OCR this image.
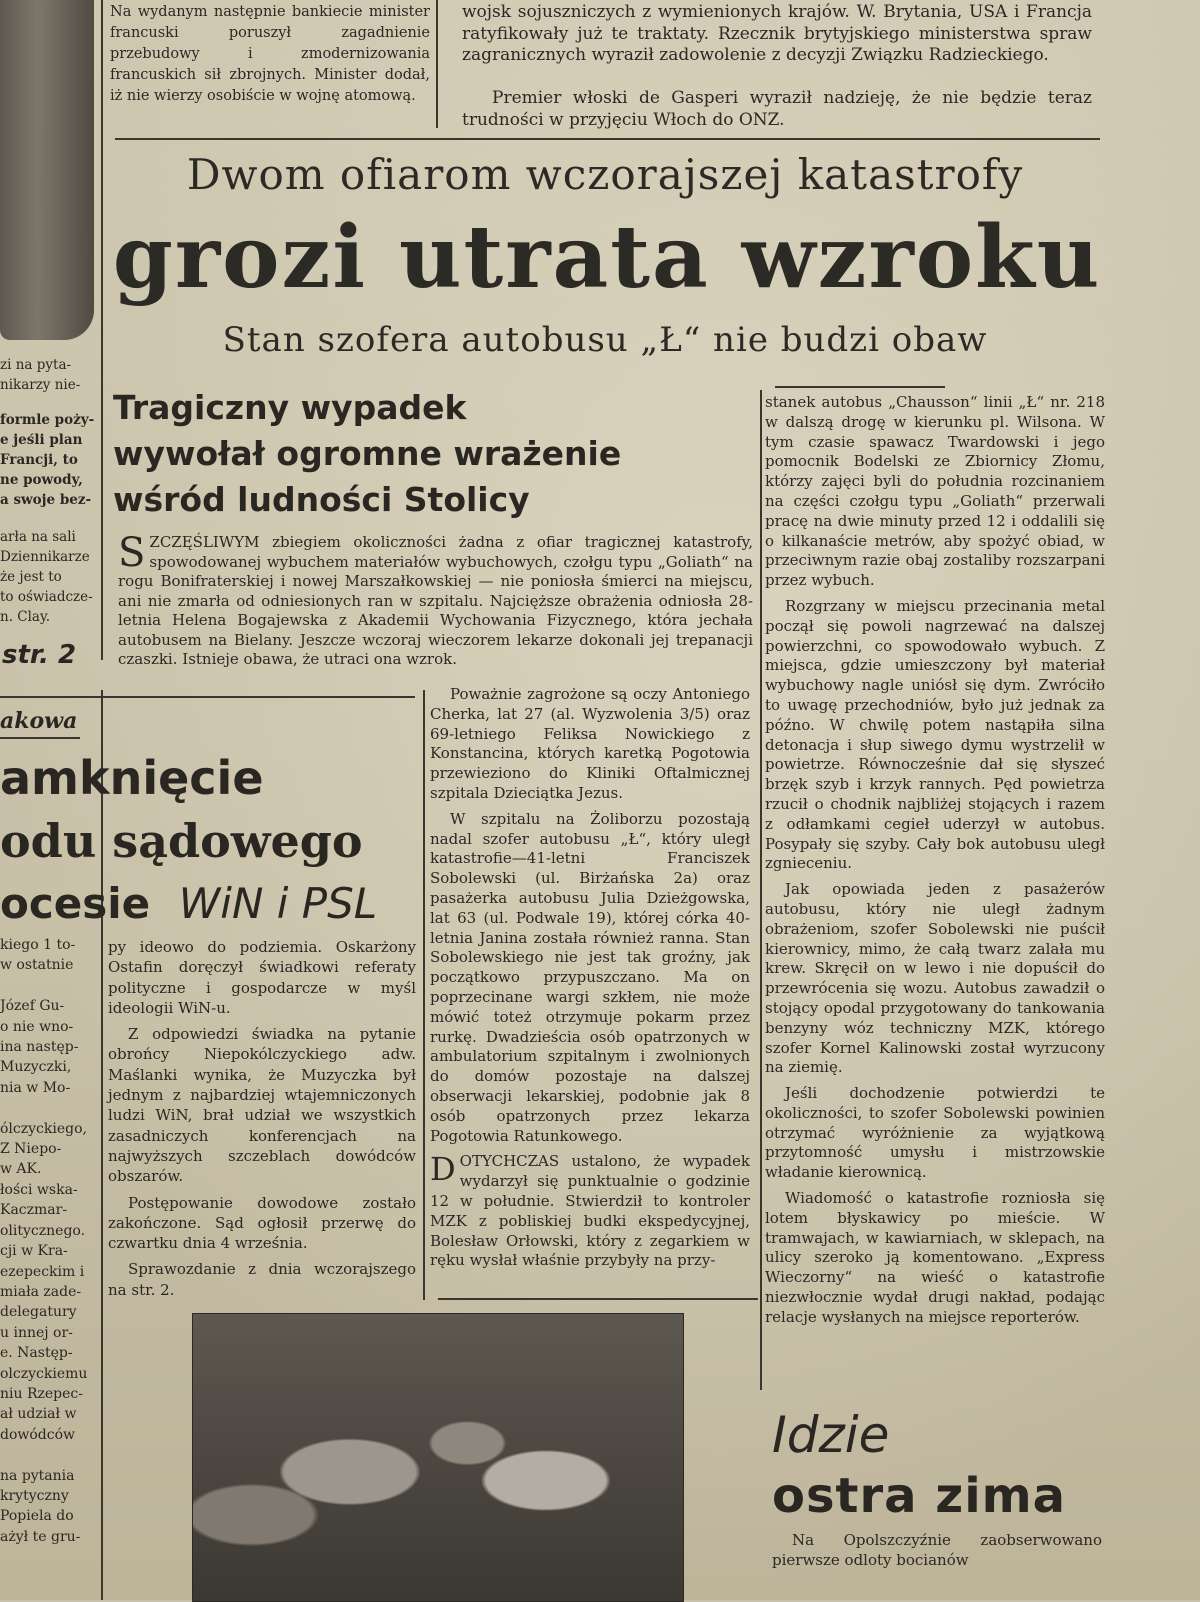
Na wydanym następnie bankiecie minister francuski poruszył zagadnienie przebudowy i zmodernizowania francuskich sił zbrojnych. Minister dodał, iż nie wierzy osobiście w wojnę atomową.
wojsk sojuszniczych z wymienionych krajów. W. Brytania, USA i Francja ratyfikowały już te traktaty. Rzecznik brytyjskiego ministerstwa spraw zagranicznych wyraził zadowolenie z decyzji Związku Radzieckiego.
Premier włoski de Gasperi wyraził nadzieję, że nie będzie teraz trudności w przyjęciu Włoch do ONZ.
Dwom ofiarom wczorajszej katastrofy
grozi utrata wzroku
Stan szofera autobusu „Ł“ nie budzi obaw
Tragiczny wypadek
wywołał ogromne wrażenie
wśród ludności Stolicy
SZCZĘŚLIWYM zbiegiem okoliczności żadna z ofiar tragicznej katastrofy, spowodowanej wybuchem materiałów wybuchowych, czołgu typu „Goliath“ na rogu Bonifraterskiej i nowej Marszałkowskiej — nie poniosła śmierci na miejscu, ani nie zmarła od odniesionych ran w szpitalu. Najcięższe obrażenia odniosła 28-letnia Helena Bogajewska z Akademii Wychowania Fizycznego, która jechała autobusem na Bielany. Jeszcze wczoraj wieczorem lekarze dokonali jej trepanacji czaszki. Istnieje obawa, że utraci ona wzrok.

Poważnie zagrożone są oczy Antoniego Cherka, lat 27 (al. Wyzwolenia 3/5) oraz 69-letniego Feliksa Nowickiego z Konstancina, których karetką Pogotowia przewieziono do Kliniki Oftalmicznej szpitala Dzieciątka Jezus.

W szpitalu na Żoliborzu pozostają nadal szofer autobusu „Ł“, który uległ katastrofie—41-letni Franciszek Sobolewski (ul. Birżańska 2a) oraz pasażerka autobusu Julia Dzieżgowska, lat 63 (ul. Podwale 19), której córka 40-letnia Janina została również ranna. Stan Sobolewskiego nie jest tak groźny, jak początkowo przypuszczano. Ma on poprzecinane wargi szkłem, nie może mówić toteż otrzymuje pokarm przez rurkę. Dwadzieścia osób opatrzonych w ambulatorium szpitalnym i zwolnionych do domów pozostaje na dalszej obserwacji lekarskiej, podobnie jak 8 osób opatrzonych przez lekarza Pogotowia Ratunkowego.

DOTYCHCZAS ustalono, że wypadek wydarzył się punktualnie o godzinie 12 w południe. Stwierdził to kontroler MZK z pobliskiej budki ekspedycyjnej, Bolesław Orłowski, który z zegarkiem w ręku wysłał właśnie przybyły na przy-

stanek autobus „Chausson“ linii „Ł“ nr. 218 w dalszą drogę w kierunku pl. Wilsona. W tym czasie spawacz Twardowski i jego pomocnik Bodelski ze Zbiornicy Złomu, którzy zajęci byli do południa rozcinaniem na części czołgu typu „Goliath“ przerwali pracę na dwie minuty przed 12 i oddalili się o kilkanaście metrów, aby spożyć obiad, w przeciwnym razie obaj zostaliby rozszarpani przez wybuch.

Rozgrzany w miejscu przecinania metal począł się powoli nagrzewać na dalszej powierzchni, co spowodowało wybuch. Z miejsca, gdzie umieszczony był materiał wybuchowy nagle uniósł się dym. Zwróciło to uwagę przechodniów, było już jednak za późno. W chwilę potem nastąpiła silna detonacja i słup siwego dymu wystrzelił w powietrze. Równocześnie dał się słyszeć brzęk szyb i krzyk rannych. Pęd powietrza rzucił o chodnik najbliżej stojących i razem z odłamkami cegieł uderzył w autobus. Posypały się szyby. Cały bok autobusu uległ zgnieceniu.

Jak opowiada jeden z pasażerów autobusu, który nie uległ żadnym obrażeniom, szofer Sobolewski nie puścił kierownicy, mimo, że całą twarz zalała mu krew. Skręcił on w lewo i nie dopuścił do przewrócenia się wozu. Autobus zawadził o stojący opodal przygotowany do tankowania benzyny wóz techniczny MZK, którego szofer Kornel Kalinowski został wyrzucony na ziemię.

Jeśli dochodzenie potwierdzi te okoliczności, to szofer Sobolewski powinien otrzymać wyróżnienie za wyjątkową przytomność umysłu i mistrzowskie władanie kierownicą.

Wiadomość o katastrofie rozniosła się lotem błyskawicy po mieście. W tramwajach, w kawiarniach, w sklepach, na ulicy szeroko ją komentowano. „Express Wieczorny“ na wieść o katastrofie niezwłocznie wydał drugi nakład, podając relacje wysłanych na miejsce reporterów.

Idzie
ostra zima
Na Opolszczyźnie zaobserwowano pierwsze odloty bocianów
zi na pyta-
nikarzy nie-
formle poży-
e jeśli plan
Francji, to
ne powody,
a swoje bez-
arła na sali
Dziennikarze
że jest to
to oświadcze-
n. Clay.
str. 2
akowa
amknięcie
odu sądowego
ocesie WiN i PSL
kiego 1 to-
w ostatnie

Józef Gu-
o nie wno-
ina następ-
Muzyczki,
nia w Mo-

ólczyckiego,
Z Niepo-
w AK.
łości wska-
Kaczmar-
olitycznego.
cji w Kra-
ezepeckim i
miała zade-
delegatury
u innej or-
e. Następ-
olczyckiemu
niu Rzepec-
ał udział w
dowódców

na pytania
krytyczny
Popiela do
ażył te gru-

py ideowo do podziemia. Oskarżony Ostafin doręczył świadkowi referaty polityczne i gospodarcze w myśl ideologii WiN-u.

Z odpowiedzi świadka na pytanie obrońcy Niepokólczyckiego adw. Maślanki wynika, że Muzyczka był jednym z najbardziej wtajemniczonych ludzi WiN, brał udział we wszystkich zasadniczych konferencjach na najwyższych szczeblach dowódców obszarów.

Postępowanie dowodowe zostało zakończone. Sąd ogłosił przerwę do czwartku dnia 4 września.

Sprawozdanie z dnia wczorajszego na str. 2.
